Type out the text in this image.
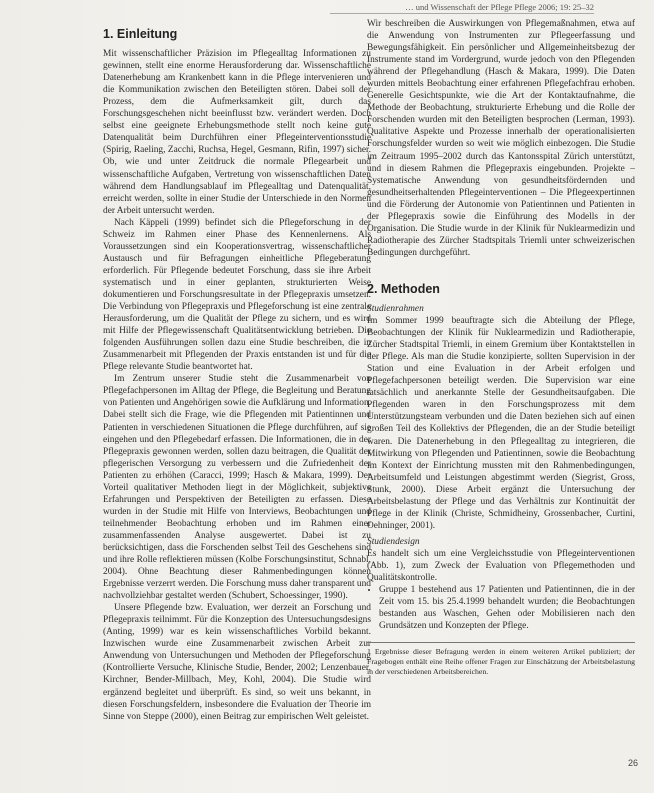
… und Wissenschaft der Pflege Pflege 2006; 19: 25–32
1. Einleitung

Mit wissenschaftlicher Präzision im Pflegealltag Informationen zu gewinnen, stellt eine enorme Herausforderung dar. Wissenschaftliche Datenerhebung am Krankenbett kann in die Pflege intervenieren und die Kommunikation zwischen den Beteiligten stören. Dabei soll der Prozess, dem die Aufmerksamkeit gilt, durch das Forschungsgeschehen nicht beeinflusst bzw. verändert werden. Doch selbst eine geeignete Erhebungsmethode stellt noch keine gute Datenqualität beim Durchführen einer Pflegeinterventionsstudie (Spirig, Raeling, Zacchi, Ruchsa, Hegel, Gesmann, Rifin, 1997) sicher. Ob, wie und unter Zeitdruck die normale Pflegearbeit und wissenschaftliche Aufgaben, Vertretung von wissenschaftlichen Daten während dem Handlungsablauf im Pflegealltag und Datenqualität, erreicht werden, sollte in einer Studie der Unterschiede in den Normen der Arbeit untersucht werden.

Nach Käppeli (1999) befindet sich die Pflegeforschung in der Schweiz im Rahmen einer Phase des Kennenlernens. Als Voraussetzungen sind ein Kooperationsvertrag, wissenschaftlicher Austausch und für Befragungen einheitliche Pflegeberatung erforderlich. Für Pflegende bedeutet Forschung, dass sie ihre Arbeit systematisch und in einer geplanten, strukturierten Weise dokumentieren und Forschungsresultate in der Pflegepraxis umsetzen. Die Verbindung von Pflegepraxis und Pflegeforschung ist eine zentrale Herausforderung, um die Qualität der Pflege zu sichern, und es wird mit Hilfe der Pflegewissenschaft Qualitätsentwicklung betrieben. Die folgenden Ausführungen sollen dazu eine Studie beschreiben, die in Zusammenarbeit mit Pflegenden der Praxis entstanden ist und für die Pflege relevante Studie beantwortet hat.

Im Zentrum unserer Studie steht die Zusammenarbeit von Pflegefachpersonen im Alltag der Pflege, die Begleitung und Beratung von Patienten und Angehörigen sowie die Aufklärung und Information. Dabei stellt sich die Frage, wie die Pflegenden mit Patientinnen und Patienten in verschiedenen Situationen die Pflege durchführen, auf sie eingehen und den Pflegebedarf erfassen. Die Informationen, die in der Pflegepraxis gewonnen werden, sollen dazu beitragen, die Qualität der pflegerischen Versorgung zu verbessern und die Zufriedenheit der Patienten zu erhöhen (Caracci, 1999; Hasch & Makara, 1999). Der Vorteil qualitativer Methoden liegt in der Möglichkeit, subjektive Erfahrungen und Perspektiven der Beteiligten zu erfassen. Diese wurden in der Studie mit Hilfe von Interviews, Beobachtungen und teilnehmender Beobachtung erhoben und im Rahmen einer zusammenfassenden Analyse ausgewertet. Dabei ist zu berücksichtigen, dass die Forschenden selbst Teil des Geschehens sind und ihre Rolle reflektieren müssen (Kolbe Forschungsinstitut, Schnabl, 2004). Ohne Beachtung dieser Rahmenbedingungen können Ergebnisse verzerrt werden. Die Forschung muss daher transparent und nachvollziehbar gestaltet werden (Schubert, Schoessinger, 1990).

Unsere Pflegende bzw. Evaluation, wer derzeit an Forschung und Pflegepraxis teilnimmt. Für die Konzeption des Untersuchungsdesigns (Anting, 1999) war es kein wissenschaftliches Vorbild bekannt. Inzwischen wurde eine Zusammenarbeit zwischen Arbeit zur Anwendung von Untersuchungen und Methoden der Pflegeforschung (Kontrollierte Versuche, Klinische Studie, Bender, 2002; Lenzenbauer, Kirchner, Bender-Millbach, Mey, Kohl, 2004). Die Studie wird ergänzend begleitet und überprüft. Es sind, so weit uns bekannt, in diesen Forschungsfeldern, insbesondere die Evaluation der Theorie im Sinne von Steppe (2000), einen Beitrag zur empirischen Welt geleistet.

Wir beschreiben die Auswirkungen von Pflegemaßnahmen, etwa auf die Anwendung von Instrumenten zur Pflegeerfassung und Bewegungsfähigkeit. Ein persönlicher und Allgemeinheitsbezug der Instrumente stand im Vordergrund, wurde jedoch von den Pflegenden während der Pflegehandlung (Hasch & Makara, 1999). Die Daten wurden mittels Beobachtung einer erfahrenen Pflegefachfrau erhoben. Generelle Gesichtspunkte, wie die Art der Kontaktaufnahme, die Methode der Beobachtung, strukturierte Erhebung und die Rolle der Forschenden wurden mit den Beteiligten besprochen (Lerman, 1993). Qualitative Aspekte und Prozesse innerhalb der operationalisierten Forschungsfelder wurden so weit wie möglich einbezogen. Die Studie im Zeitraum 1995–2002 durch das Kantonsspital Zürich unterstützt, und in diesem Rahmen die Pflegepraxis eingebunden. Projekte – Systematische Anwendung von gesundheitsfördernden und gesundheitserhaltenden Pflegeinterventionen – Die Pflegeexpertinnen und die Förderung der Autonomie von Patientinnen und Patienten in der Pflegepraxis sowie die Einführung des Modells in der Organisation. Die Studie wurde in der Klinik für Nuklearmedizin und Radiotherapie des Zürcher Stadtspitals Triemli unter schweizerischen Bedingungen durchgeführt.

2. Methoden

Studienrahmen

Im Sommer 1999 beauftragte sich die Abteilung der Pflege, Beobachtungen der Klinik für Nuklearmedizin und Radiotherapie, Zürcher Stadtspital Triemli, in einem Gremium über Kontaktstellen in der Pflege. Als man die Studie konzipierte, sollten Supervision in der Station und eine Evaluation in der Arbeit erfolgen und Pflegefachpersonen beteiligt werden. Die Supervision war eine tatsächlich und anerkannte Stelle der Gesundheitsaufgaben. Die Pflegenden waren in den Forschungsprozess mit dem Unterstützungsteam verbunden und die Daten beziehen sich auf einen großen Teil des Kollektivs der Pflegenden, die an der Studie beteiligt waren. Die Datenerhebung in den Pflegealltag zu integrieren, die Mitwirkung von Pflegenden und Patientinnen, sowie die Beobachtung im Kontext der Einrichtung mussten mit den Rahmenbedingungen, Arbeitsumfeld und Leistungen abgestimmt werden (Siegrist, Gross, Stunk, 2000). Diese Arbeit ergänzt die Untersuchung der Arbeitsbelastung der Pflege und das Verhältnis zur Kontinuität der Pflege in der Klinik (Christe, Schmidheiny, Grossenbacher, Curtini, Oehninger, 2001).

Studiendesign

Es handelt sich um eine Vergleichsstudie von Pflegeinterventionen (Abb. 1), zum Zweck der Evaluation von Pflegemethoden und Qualitätskontrolle.

• Gruppe 1 bestehend aus 17 Patienten und Patientinnen, die in der Zeit vom 15. bis 25.4.1999 behandelt wurden; die Beobachtungen bestanden aus Waschen, Gehen oder Mobilisieren nach den Grundsätzen und Konzepten der Pflege.
1 Ergebnisse dieser Befragung werden in einem weiteren Artikel publiziert; der Fragebogen enthält eine Reihe offener Fragen zur Einschätzung der Arbeitsbelastung in der verschiedenen Arbeitsbereichen.
26
